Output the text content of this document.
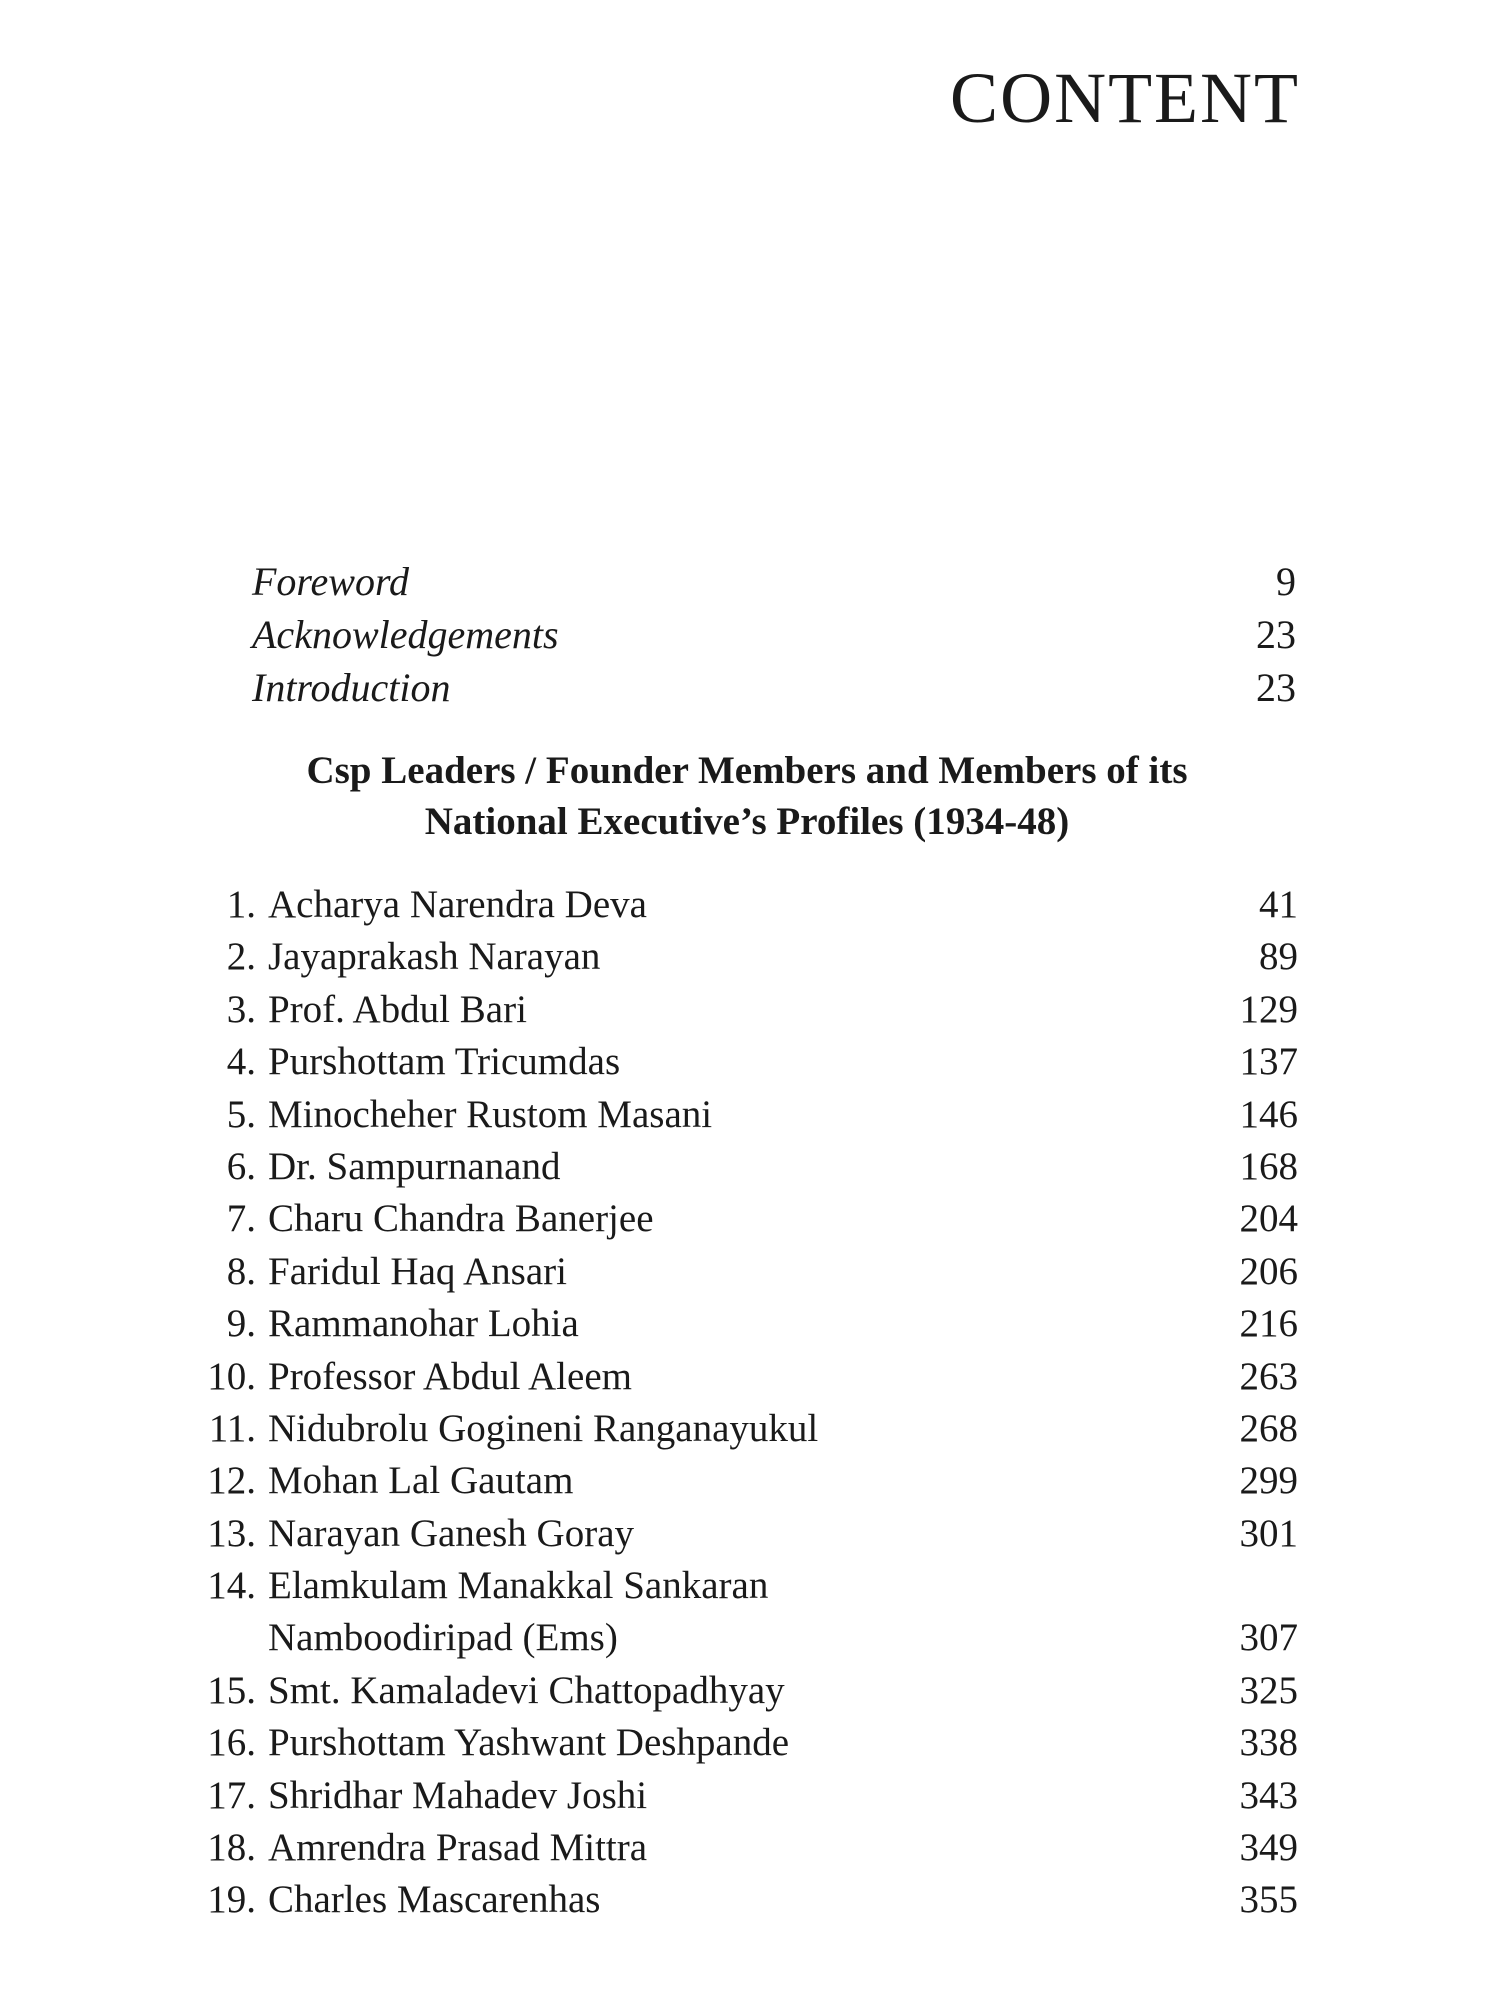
CONTENT
Foreword	9
Acknowledgements	23
Introduction	23
Csp Leaders / Founder Members and Members of its
National Executive’s Profiles (1934-48)
1. Acharya Narendra Deva	41
2. Jayaprakash Narayan	89
3. Prof. Abdul Bari	129
4. Purshottam Tricumdas	137
5. Minocheher Rustom Masani	146
6. Dr. Sampurnanand	168
7. Charu Chandra Banerjee	204
8. Faridul Haq Ansari	206
9. Rammanohar Lohia	216
10. Professor Abdul Aleem	263
11. Nidubrolu Gogineni Ranganayukul	268
12. Mohan Lal Gautam	299
13. Narayan Ganesh Goray	301
14. Elamkulam Manakkal Sankaran
Namboodiripad (Ems)	307
15. Smt. Kamaladevi Chattopadhyay	325
16. Purshottam Yashwant Deshpande	338
17. Shridhar Mahadev Joshi	343
18. Amrendra Prasad Mittra	349
19. Charles Mascarenhas	355
